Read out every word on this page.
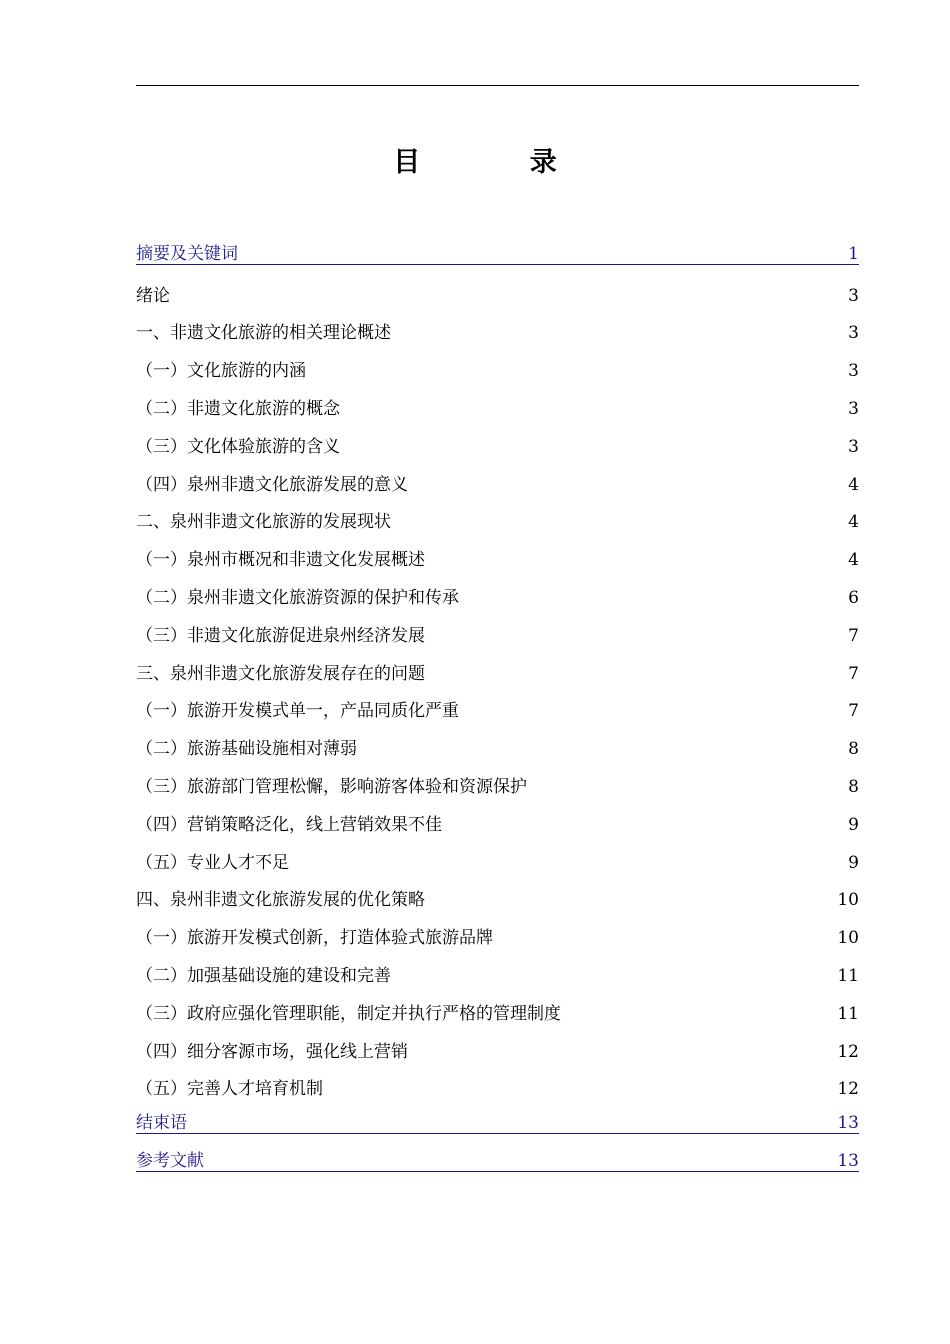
目 录
摘要及关键词	1
绪论	3
一、非遗文化旅游的相关理论概述	3
（一）文化旅游的内涵	3
（二）非遗文化旅游的概念	3
（三）文化体验旅游的含义	3
（四）泉州非遗文化旅游发展的意义	4
二、泉州非遗文化旅游的发展现状	4
（一）泉州市概况和非遗文化发展概述	4
（二）泉州非遗文化旅游资源的保护和传承	6
（三）非遗文化旅游促进泉州经济发展	7
三、泉州非遗文化旅游发展存在的问题	7
（一）旅游开发模式单一，产品同质化严重	7
（二）旅游基础设施相对薄弱	8
（三）旅游部门管理松懈，影响游客体验和资源保护	8
（四）营销策略泛化，线上营销效果不佳	9
（五）专业人才不足	9
四、泉州非遗文化旅游发展的优化策略	10
（一）旅游开发模式创新，打造体验式旅游品牌	10
（二）加强基础设施的建设和完善	11
（三）政府应强化管理职能，制定并执行严格的管理制度	11
（四）细分客源市场，强化线上营销	12
（五）完善人才培育机制	12
结束语	13
参考文献	13
